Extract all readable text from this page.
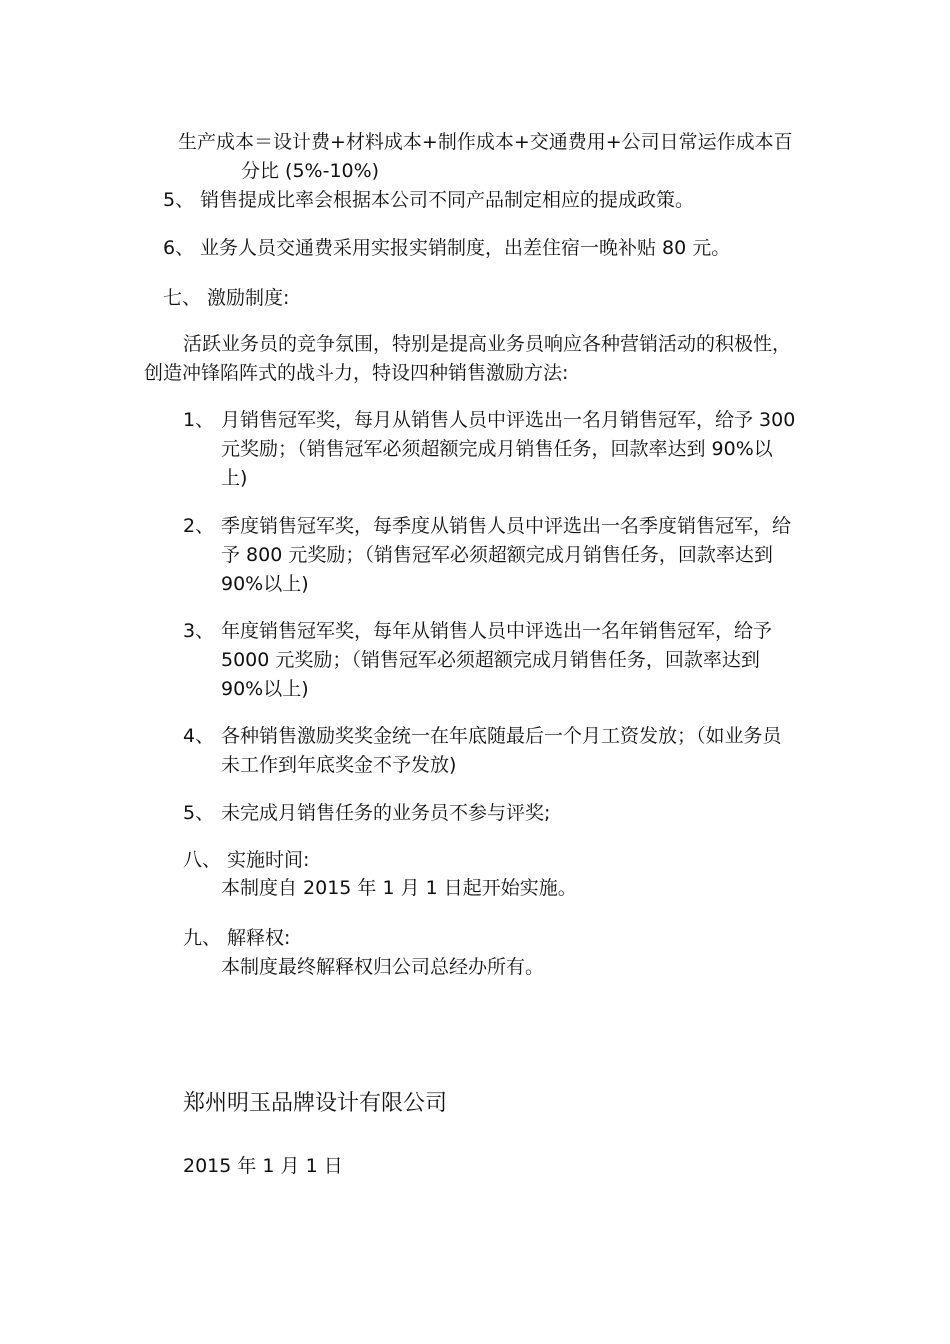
生产成本＝设计费+材料成本+制作成本+交通费用+公司日常运作成本百
分比 (5%-10%)
5、 销售提成比率会根据本公司不同产品制定相应的提成政策。
6、 业务人员交通费采用实报实销制度，出差住宿一晚补贴 80 元。
七、 激励制度:
活跃业务员的竞争氛围，特别是提高业务员响应各种营销活动的积极性，
创造冲锋陷阵式的战斗力，特设四种销售激励方法:
1、 月销售冠军奖，每月从销售人员中评选出一名月销售冠军，给予 300
元奖励；（销售冠军必须超额完成月销售任务，回款率达到 90%以
上)
2、 季度销售冠军奖，每季度从销售人员中评选出一名季度销售冠军，给
予 800 元奖励；（销售冠军必须超额完成月销售任务，回款率达到
90%以上)
3、 年度销售冠军奖，每年从销售人员中评选出一名年销售冠军，给予
5000 元奖励；（销售冠军必须超额完成月销售任务，回款率达到
90%以上)
4、 各种销售激励奖奖金统一在年底随最后一个月工资发放；（如业务员
未工作到年底奖金不予发放)
5、 未完成月销售任务的业务员不参与评奖;
八、 实施时间:
本制度自 2015 年 1 月 1 日起开始实施。
九、 解释权:
本制度最终解释权归公司总经办所有。
郑州明玉品牌设计有限公司
2015 年 1 月 1 日
